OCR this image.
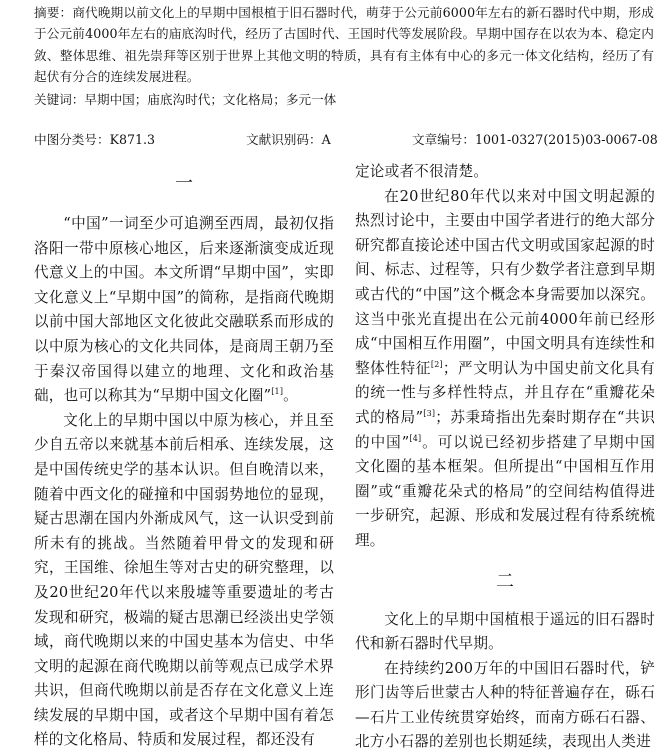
摘要：商代晚期以前文化上的早期中国根植于旧石器时代，萌芽于公元前6000年左右的新石器时代中期，形成于公元前4000年左右的庙底沟时代，经历了古国时代、王国时代等发展阶段。早期中国存在以农为本、稳定内敛、整体思维、祖先崇拜等区别于世界上其他文明的特质，具有有主体有中心的多元一体文化结构，经历了有起伏有分合的连续发展进程。

关键词：早期中国；庙底沟时代；文化格局；多元一体
中图分类号：K871.3	文献识别码：A	文章编号：1001-0327(2015)03-0067-08
一

“中国”一词至少可追溯至西周，最初仅指洛阳一带中原核心地区，后来逐渐演变成近现代意义上的中国。本文所谓“早期中国”，实即文化意义上“早期中国”的简称，是指商代晚期以前中国大部地区文化彼此交融联系而形成的以中原为核心的文化共同体，是商周王朝乃至于秦汉帝国得以建立的地理、文化和政治基础，也可以称其为“早期中国文化圈”[1]。

文化上的早期中国以中原为核心，并且至少自五帝以来就基本前后相承、连续发展，这是中国传统史学的基本认识。但自晚清以来，随着中西文化的碰撞和中国弱势地位的显现，疑古思潮在国内外渐成风气，这一认识受到前所未有的挑战。当然随着甲骨文的发现和研究，王国维、徐旭生等对古史的研究整理，以及20世纪20年代以来殷墟等重要遗址的考古发现和研究，极端的疑古思潮已经淡出史学领域，商代晚期以来的中国史基本为信史、中华文明的起源在商代晚期以前等观点已成学术界共识，但商代晚期以前是否存在文化意义上连续发展的早期中国，或者这个早期中国有着怎样的文化格局、特质和发展过程，都还没有

定论或者不很清楚。

在20世纪80年代以来对中国文明起源的热烈讨论中，主要由中国学者进行的绝大部分研究都直接论述中国古代文明或国家起源的时间、标志、过程等，只有少数学者注意到早期或古代的“中国”这个概念本身需要加以深究。这当中张光直提出在公元前4000年前已经形成“中国相互作用圈”，中国文明具有连续性和整体性特征[2]；严文明认为中国史前文化具有的统一性与多样性特点，并且存在“重瓣花朵式的格局”[3]；苏秉琦指出先秦时期存在“共识的中国”[4]。可以说已经初步搭建了早期中国文化圈的基本框架。但所提出“中国相互作用圈”或“重瓣花朵式的格局”的空间结构值得进一步研究，起源、形成和发展过程有待系统梳理。

二

文化上的早期中国植根于遥远的旧石器时代和新石器时代早期。

在持续约200万年的中国旧石器时代，铲形门齿等后世蒙古人种的特征普遍存在，砾石—石片工业传统贯穿始终，而南方砾石石器、北方小石器的差别也长期延续，表现出人类进
